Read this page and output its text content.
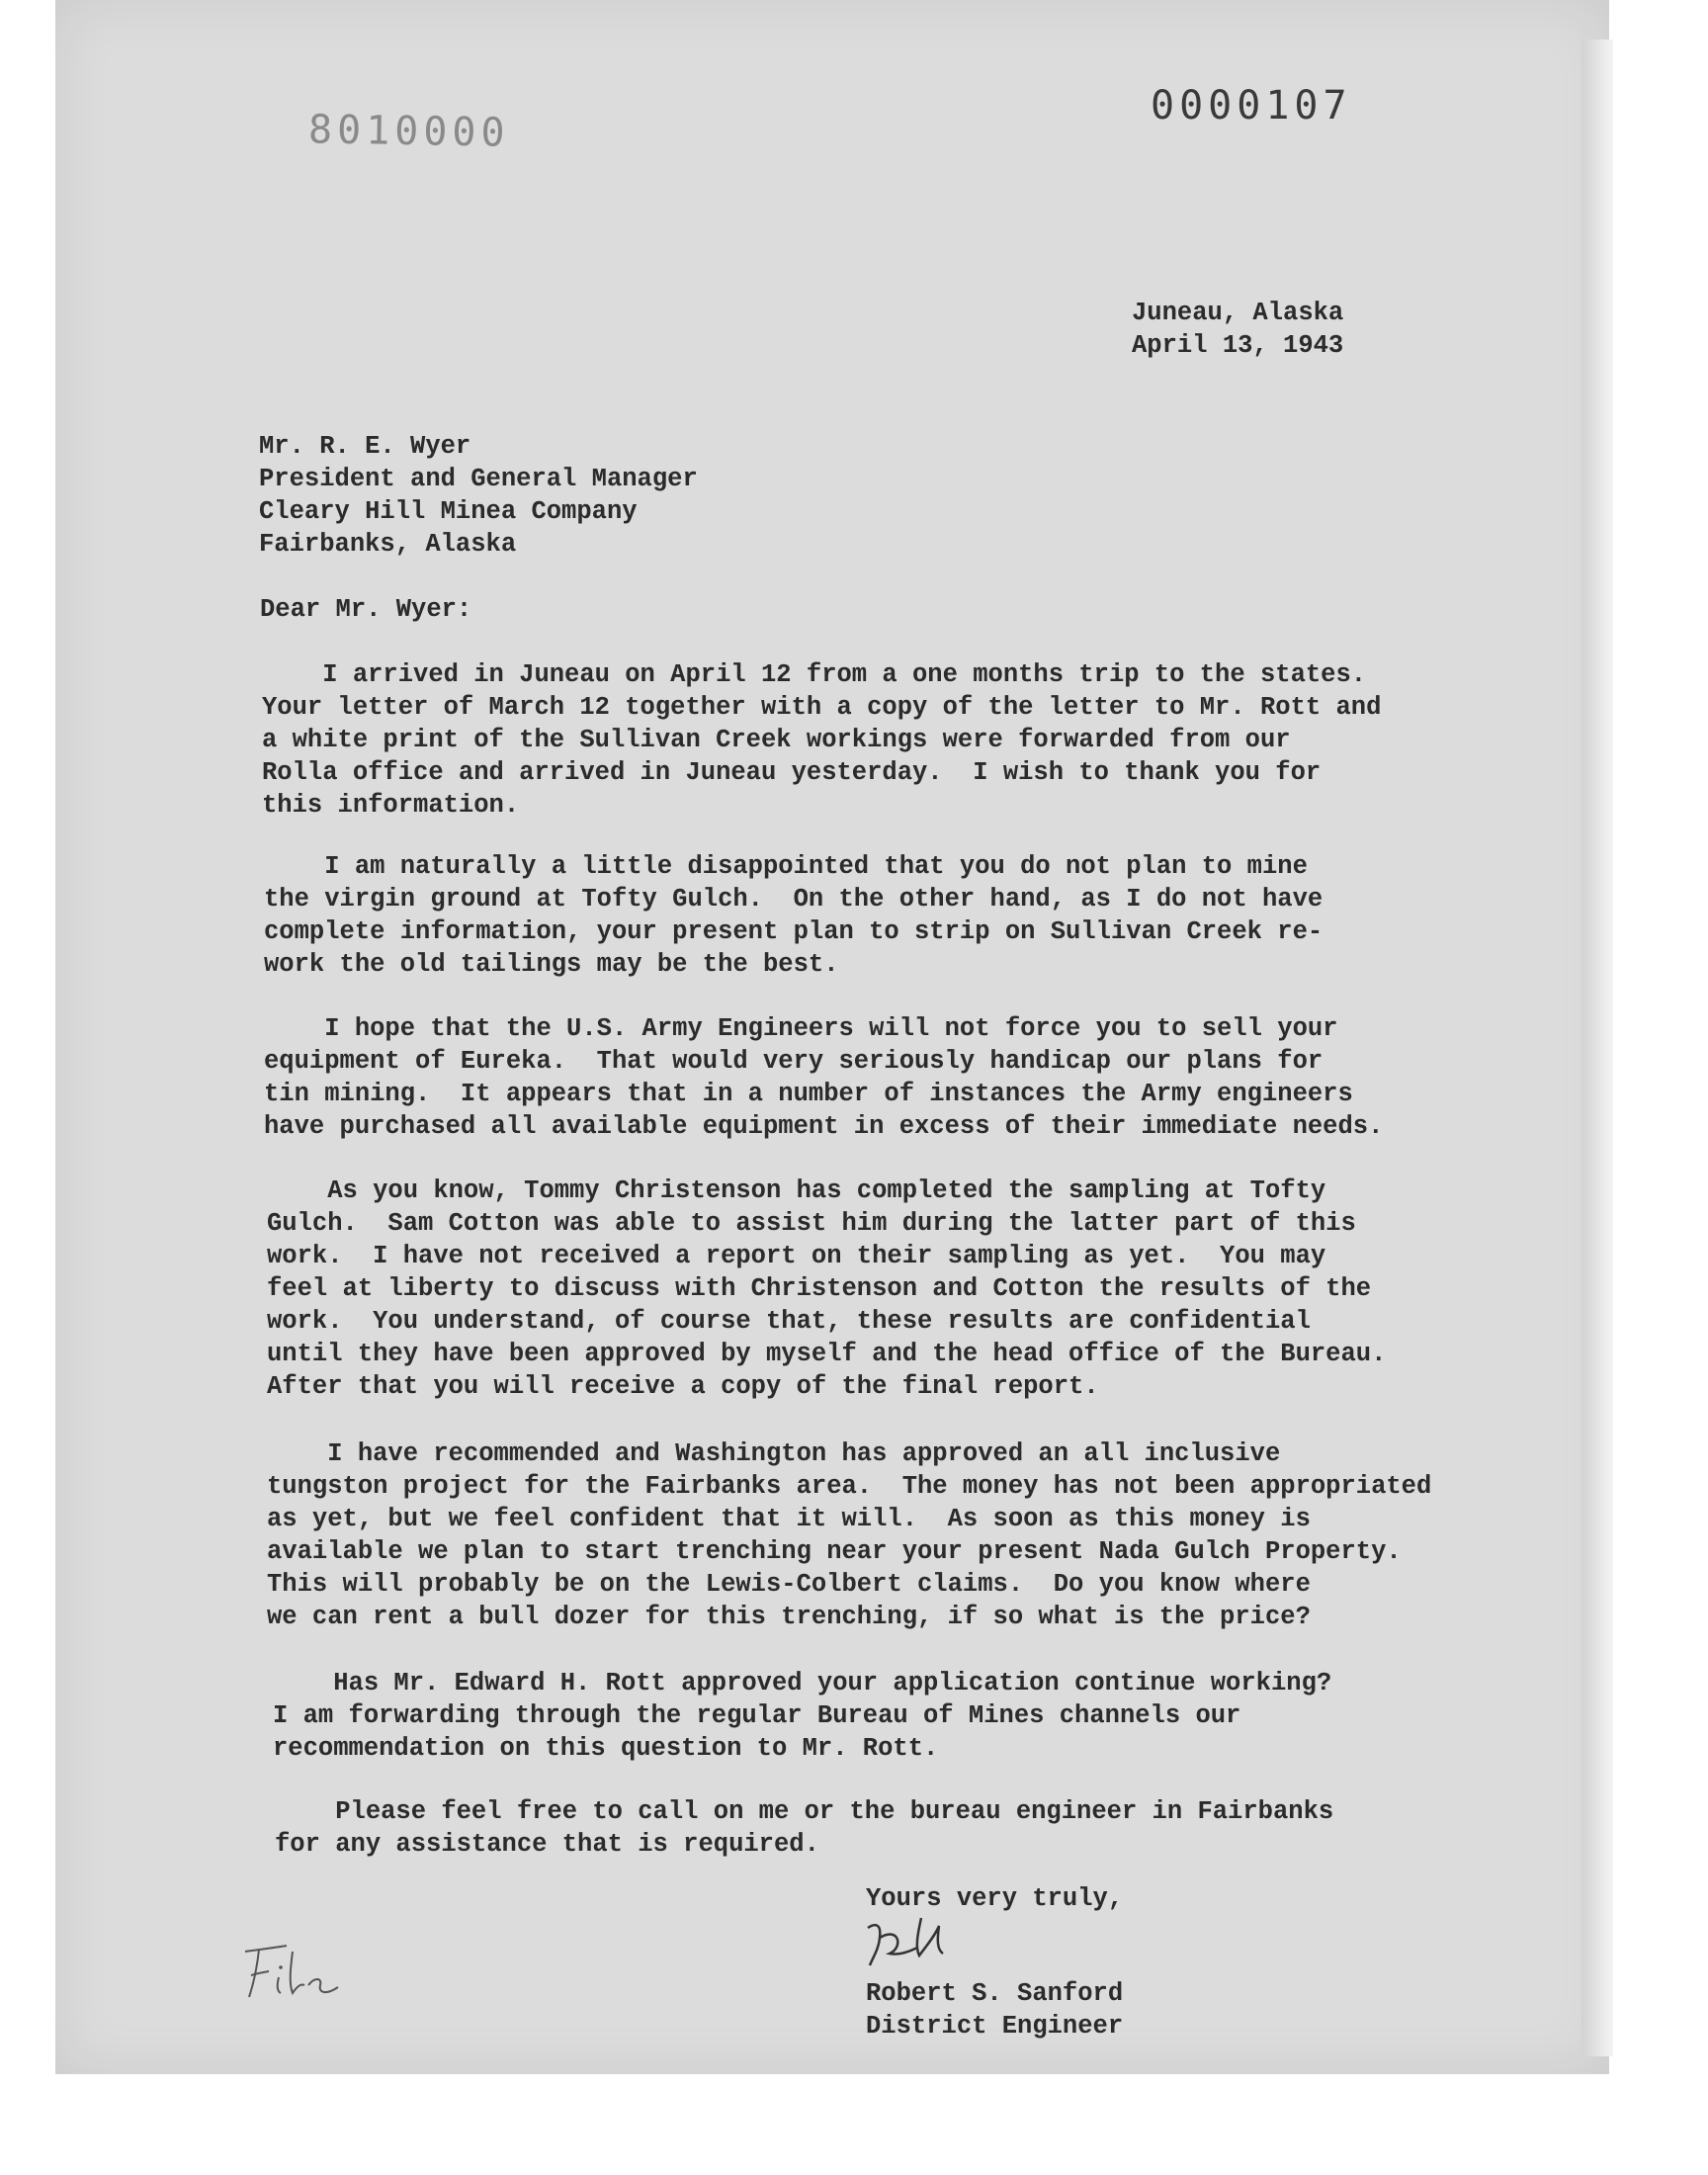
8010000

0000107

Juneau, Alaska
April 13, 1943
Mr. R. E. Wyer
President and General Manager
Cleary Hill Minea Company
Fairbanks, Alaska

Dear Mr. Wyer:

I arrived in Juneau on April 12 from a one months trip to the states.
Your letter of March 12 together with a copy of the letter to Mr. Rott and
a white print of the Sullivan Creek workings were forwarded from our
Rolla office and arrived in Juneau yesterday.  I wish to thank you for
this information.

I am naturally a little disappointed that you do not plan to mine
the virgin ground at Tofty Gulch.  On the other hand, as I do not have
complete information, your present plan to strip on Sullivan Creek re-
work the old tailings may be the best.

I hope that the U.S. Army Engineers will not force you to sell your
equipment of Eureka.  That would very seriously handicap our plans for
tin mining.  It appears that in a number of instances the Army engineers
have purchased all available equipment in excess of their immediate needs.

As you know, Tommy Christenson has completed the sampling at Tofty
Gulch.  Sam Cotton was able to assist him during the latter part of this
work.  I have not received a report on their sampling as yet.  You may
feel at liberty to discuss with Christenson and Cotton the results of the
work.  You understand, of course that, these results are confidential
until they have been approved by myself and the head office of the Bureau.
After that you will receive a copy of the final report.

I have recommended and Washington has approved an all inclusive
tungston project for the Fairbanks area.  The money has not been appropriated
as yet, but we feel confident that it will.  As soon as this money is
available we plan to start trenching near your present Nada Gulch Property.
This will probably be on the Lewis-Colbert claims.  Do you know where
we can rent a bull dozer for this trenching, if so what is the price?

Has Mr. Edward H. Rott approved your application continue working?
I am forwarding through the regular Bureau of Mines channels our
recommendation on this question to Mr. Rott.

Please feel free to call on me or the bureau engineer in Fairbanks
for any assistance that is required.

Yours very truly,

Robert S. Sanford
District Engineer
